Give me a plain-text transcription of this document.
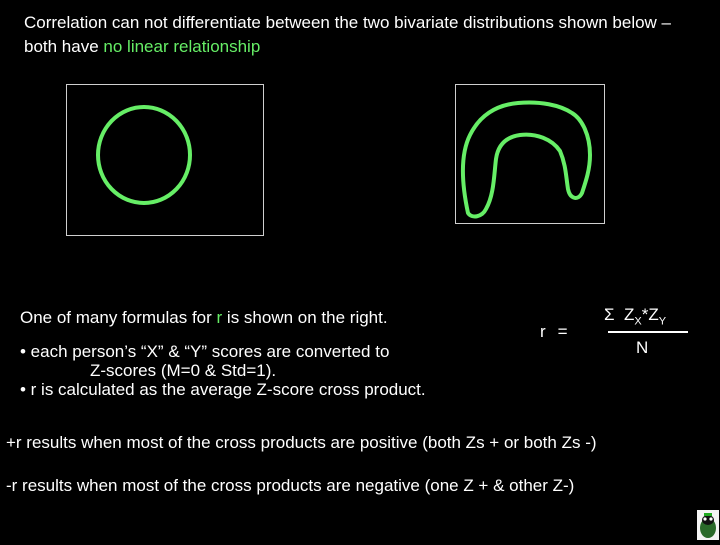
Correlation can not differentiate between the two bivariate distributions shown below – both have no linear relationship
One of many formulas for r is shown on the right.
• each person’s “X” & “Y” scores are converted to
Z-scores (M=0 & Std=1).
• r is calculated as the average Z-score cross product.
r =
Σ $Z_X*Z_Y$
N
+r results when most of the cross products are positive (both Zs + or both Zs -)
-r results when most of the cross products are negative (one Z + & other Z-)
